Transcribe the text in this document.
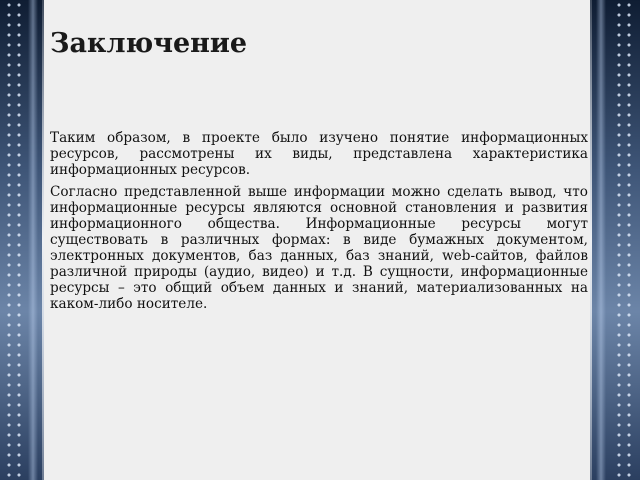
Заключение

Таким образом, в проекте было изучено понятие информационных ресурсов, рассмотрены их виды, представлена характеристика информационных ресурсов.

Согласно представленной выше информации можно сделать вывод, что информационные ресурсы являются основной становления и развития информационного общества. Информационные ресурсы могут существовать в различных формах: в виде бумажных документом, электронных документов, баз данных, баз знаний, web-сайтов, файлов различной природы (аудио, видео) и т.д. В сущности, информационные ресурсы – это общий объем данных и знаний, материализованных на каком-либо носителе.
